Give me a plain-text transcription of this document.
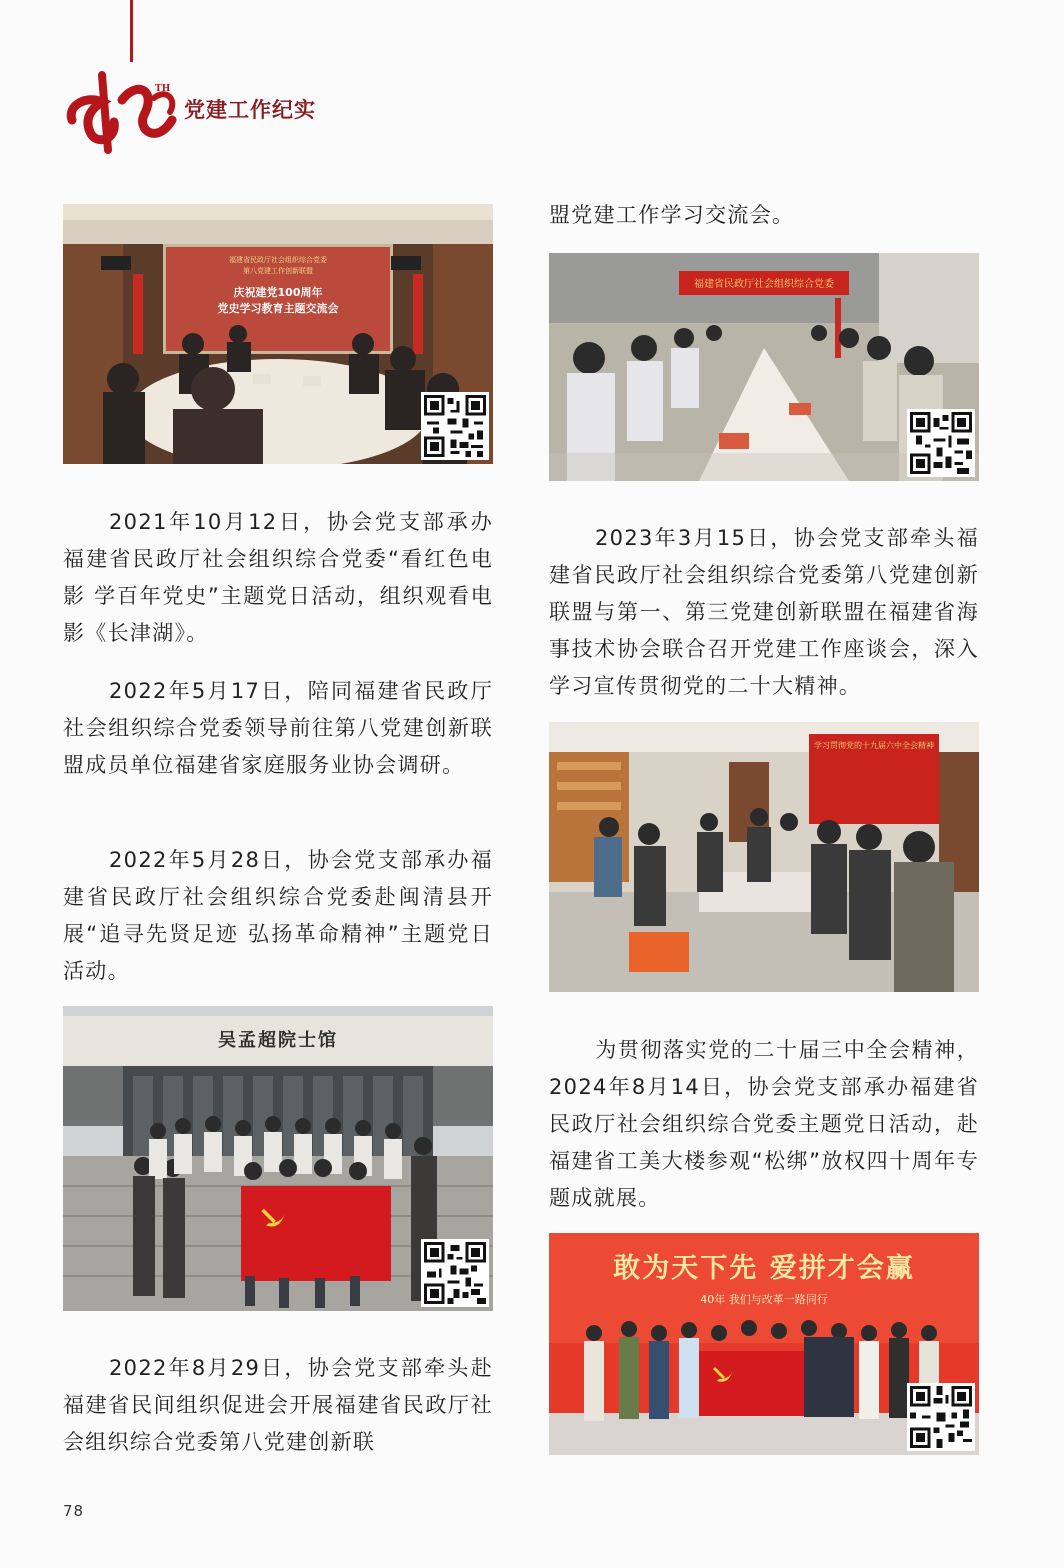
TH
党建工作纪实
福建省民政厅社会组织综合党委
第八党建工作创新联盟
庆祝建党100周年
党史学习教育主题交流会

2021年10月12日，协会党支部承办福建省民政厅社会组织综合党委“看红色电影 学百年党史”主题党日活动，组织观看电影《长津湖》。

2022年5月17日，陪同福建省民政厅社会组织综合党委领导前往第八党建创新联盟成员单位福建省家庭服务业协会调研。

2022年5月28日，协会党支部承办福建省民政厅社会组织综合党委赴闽清县开展“追寻先贤足迹 弘扬革命精神”主题党日活动。

吴孟超院士馆

2022年8月29日，协会党支部牵头赴福建省民间组织促进会开展福建省民政厅社会组织综合党委第八党建创新联

78

盟党建工作学习交流会。

福建省民政厅社会组织综合党委

2023年3月15日，协会党支部牵头福建省民政厅社会组织综合党委第八党建创新联盟与第一、第三党建创新联盟在福建省海事技术协会联合召开党建工作座谈会，深入学习宣传贯彻党的二十大精神。

学习贯彻党的十九届六中全会精神

为贯彻落实党的二十届三中全会精神，2024年8月14日，协会党支部承办福建省民政厅社会组织综合党委主题党日活动，赴福建省工美大楼参观“松绑”放权四十周年专题成就展。

敢为天下先 爱拼才会赢
40年 我们与改革一路同行
